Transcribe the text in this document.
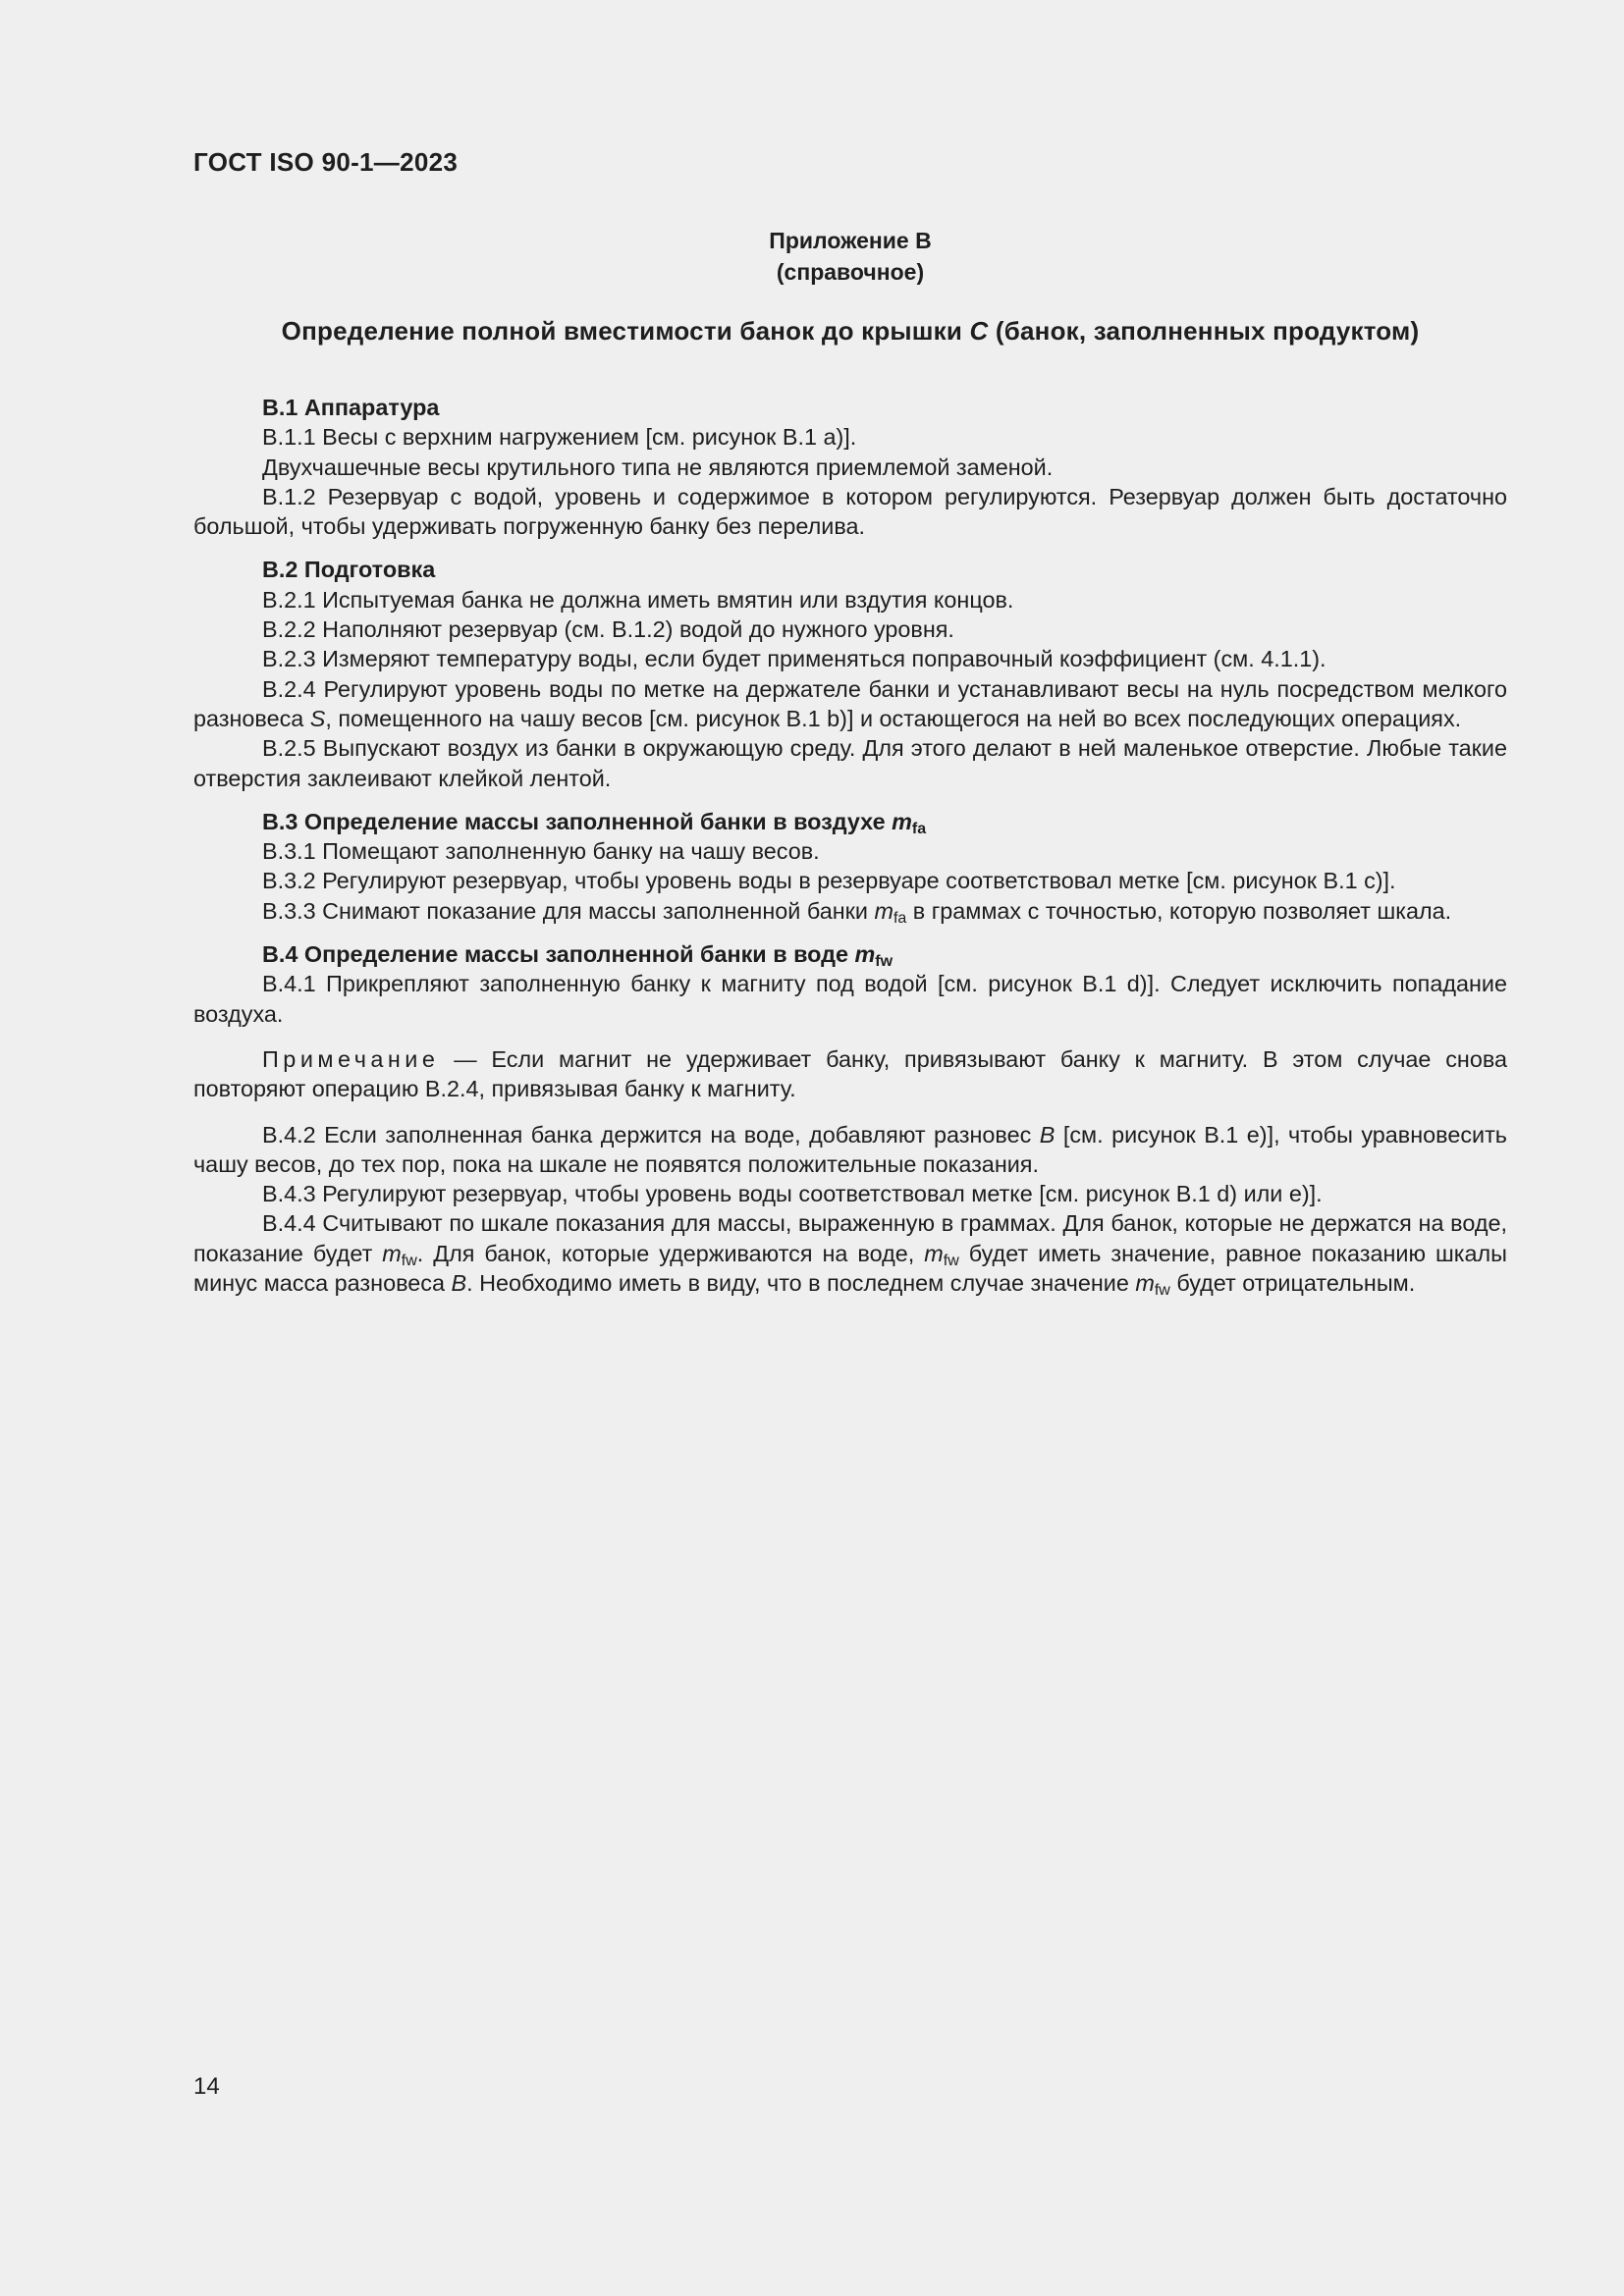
ГОСТ ISO 90-1—2023
Приложение В
(справочное)
Определение полной вместимости банок до крышки C (банок, заполненных продуктом)
В.1 Аппаратура

В.1.1 Весы с верхним нагружением [см. рисунок В.1 а)].

Двухчашечные весы крутильного типа не являются приемлемой заменой.

В.1.2 Резервуар с водой, уровень и содержимое в котором регулируются. Резервуар должен быть достаточно большой, чтобы удерживать погруженную банку без перелива.

В.2 Подготовка

В.2.1 Испытуемая банка не должна иметь вмятин или вздутия концов.

В.2.2 Наполняют резервуар (см. В.1.2) водой до нужного уровня.

В.2.3 Измеряют температуру воды, если будет применяться поправочный коэффициент (см. 4.1.1).

В.2.4 Регулируют уровень воды по метке на держателе банки и устанавливают весы на нуль посредством мелкого разновеса S, помещенного на чашу весов [см. рисунок В.1 b)] и остающегося на ней во всех последующих операциях.

В.2.5 Выпускают воздух из банки в окружающую среду. Для этого делают в ней маленькое отверстие. Любые такие отверстия заклеивают клейкой лентой.

В.3 Определение массы заполненной банки в воздухе $m_{fa}$

В.3.1 Помещают заполненную банку на чашу весов.

В.3.2 Регулируют резервуар, чтобы уровень воды в резервуаре соответствовал метке [см. рисунок В.1 с)].

В.3.3 Снимают показание для массы заполненной банки $m_{fa}$ в граммах с точностью, которую позволяет шкала.

В.4 Определение массы заполненной банки в воде $m_{fw}$

В.4.1 Прикрепляют заполненную банку к магниту под водой [см. рисунок В.1 d)]. Следует исключить попадание воздуха.

Примечание — Если магнит не удерживает банку, привязывают банку к магниту. В этом случае снова повторяют операцию В.2.4, привязывая банку к магниту.

В.4.2 Если заполненная банка держится на воде, добавляют разновес B [см. рисунок В.1 е)], чтобы уравновесить чашу весов, до тех пор, пока на шкале не появятся положительные показания.

В.4.3 Регулируют резервуар, чтобы уровень воды соответствовал метке [см. рисунок В.1 d) или е)].

В.4.4 Считывают по шкале показания для массы, выраженную в граммах. Для банок, которые не держатся на воде, показание будет $m_{fw}$. Для банок, которые удерживаются на воде, $m_{fw}$ будет иметь значение, равное показанию шкалы минус масса разновеса B. Необходимо иметь в виду, что в последнем случае значение $m_{fw}$ будет отрицательным.

14
